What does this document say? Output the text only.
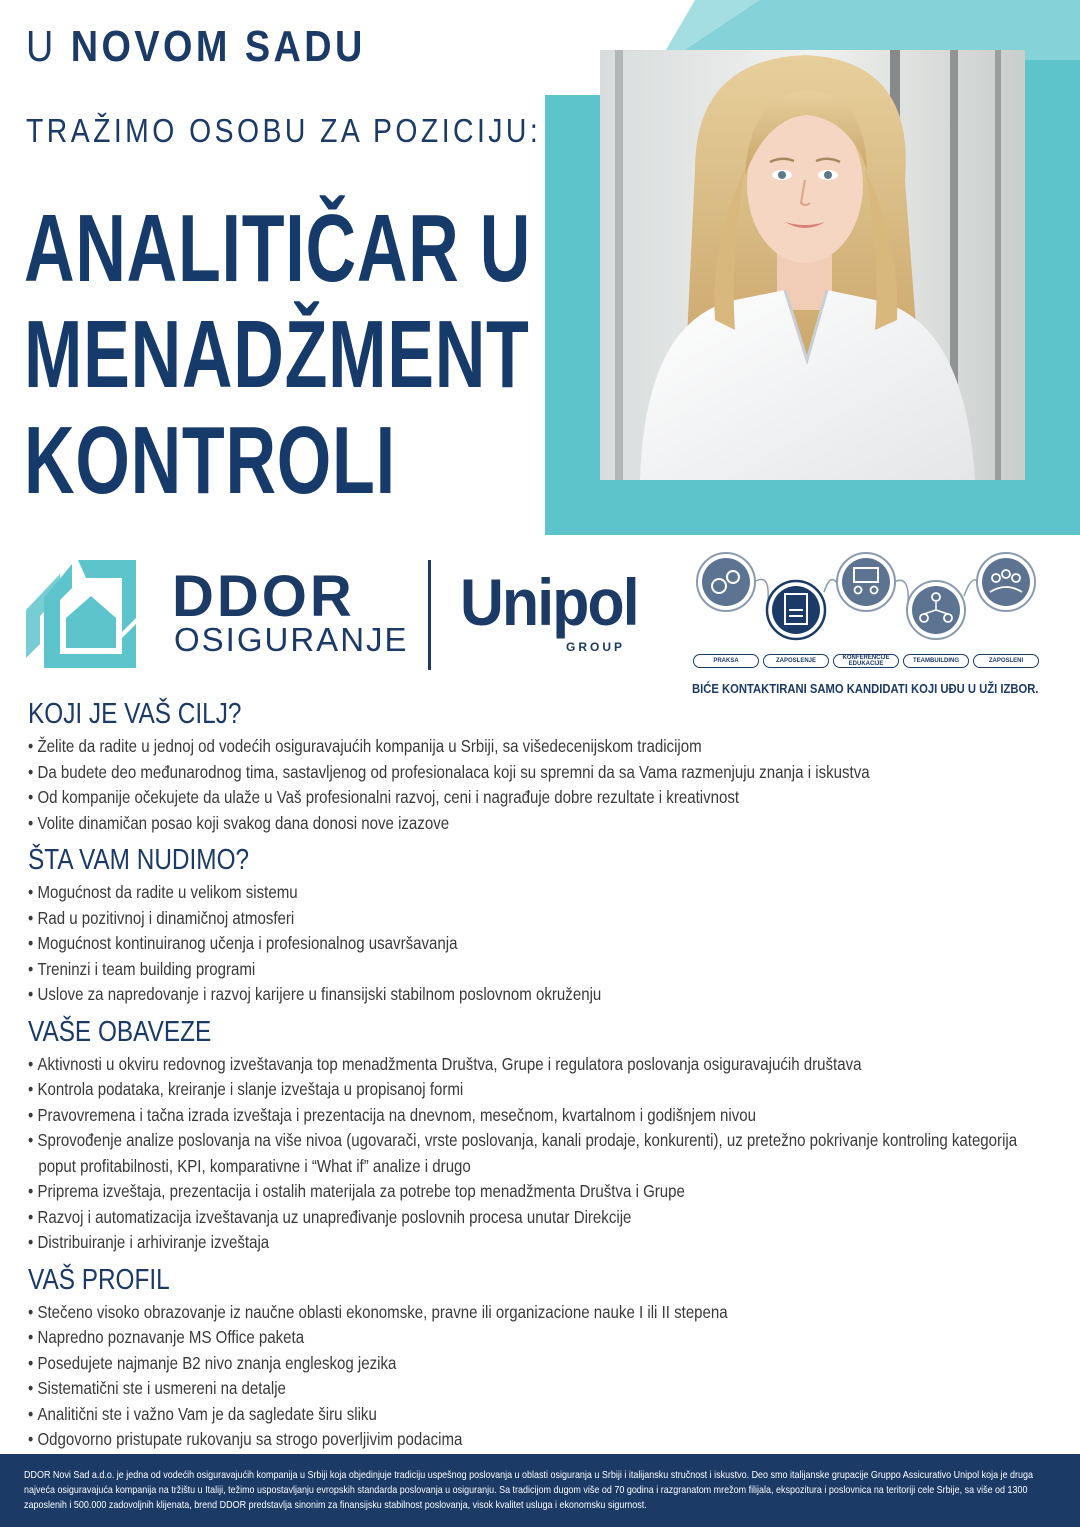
U NOVOM SADU
TRAŽIMO OSOBU ZA POZICIJU:
ANALITIČAR U
MENADŽMENT
KONTROLI
DDOR
OSIGURANJE
Unipol
GROUP
PRAKSA	ZAPOSLENJE	KONFERENCIJE EDUKACIJE	TEAMBUILDING	ZAPOSLENI
BIĆE KONTAKTIRANI SAMO KANDIDATI KOJI UĐU U UŽI IZBOR.
KOJI JE VAŠ CILJ?
• Želite da radite u jednoj od vodećih osiguravajućih kompanija u Srbiji, sa višedecenijskom tradicijom
• Da budete deo međunarodnog tima, sastavljenog od profesionalaca koji su spremni da sa Vama razmenjuju znanja i iskustva
• Od kompanije očekujete da ulaže u Vaš profesionalni razvoj, ceni i nagrađuje dobre rezultate i kreativnost
• Volite dinamičan posao koji svakog dana donosi nove izazove
ŠTA VAM NUDIMO?
• Mogućnost da radite u velikom sistemu
• Rad u pozitivnoj i dinamičnoj atmosferi
• Mogućnost kontinuiranog učenja i profesionalnog usavršavanja
• Treninzi i team building programi
• Uslove za napredovanje i razvoj karijere u finansijski stabilnom poslovnom okruženju
VAŠE OBAVEZE
• Aktivnosti u okviru redovnog izveštavanja top menadžmenta Društva, Grupe i regulatora poslovanja osiguravajućih društava
• Kontrola podataka, kreiranje i slanje izveštaja u propisanoj formi
• Pravovremena i tačna izrada izveštaja i prezentacija na dnevnom, mesečnom, kvartalnom i godišnjem nivou
• Sprovođenje analize poslovanja na više nivoa (ugovarači, vrste poslovanja, kanali prodaje, konkurenti), uz pretežno pokrivanje kontroling kategorija
poput profitabilnosti, KPI, komparativne i “What if” analize i drugo
• Priprema izveštaja, prezentacija i ostalih materijala za potrebe top menadžmenta Društva i Grupe
• Razvoj i automatizacija izveštavanja uz unapređivanje poslovnih procesa unutar Direkcije
• Distribuiranje i arhiviranje izveštaja
VAŠ PROFIL
• Stečeno visoko obrazovanje iz naučne oblasti ekonomske, pravne ili organizacione nauke I ili II stepena
• Napredno poznavanje MS Office paketa
• Posedujete najmanje B2 nivo znanja engleskog jezika
• Sistematični ste i usmereni na detalje
• Analitični ste i važno Vam je da sagledate širu sliku
• Odgovorno pristupate rukovanju sa strogo poverljivim podacima
DDOR Novi Sad a.d.o. je jedna od vodećih osiguravajućih kompanija u Srbiji koja objedinjuje tradiciju uspešnog poslovanja u oblasti osiguranja u Srbiji i italijansku stručnost i iskustvo. Deo smo italijanske grupacije Gruppo Assicurativo Unipol koja je druga najveća osiguravajuća kompanija na tržištu u Italiji, težimo uspostavljanju evropskih standarda poslovanja u osiguranju. Sa tradicijom dugom više od 70 godina i razgranatom mrežom filijala, ekspozitura i poslovnica na teritoriji cele Srbije, sa više od 1300 zaposlenih i 500.000 zadovoljnih klijenata, brend DDOR predstavlja sinonim za finansijsku stabilnost poslovanja, visok kvalitet usluga i ekonomsku sigurnost.
